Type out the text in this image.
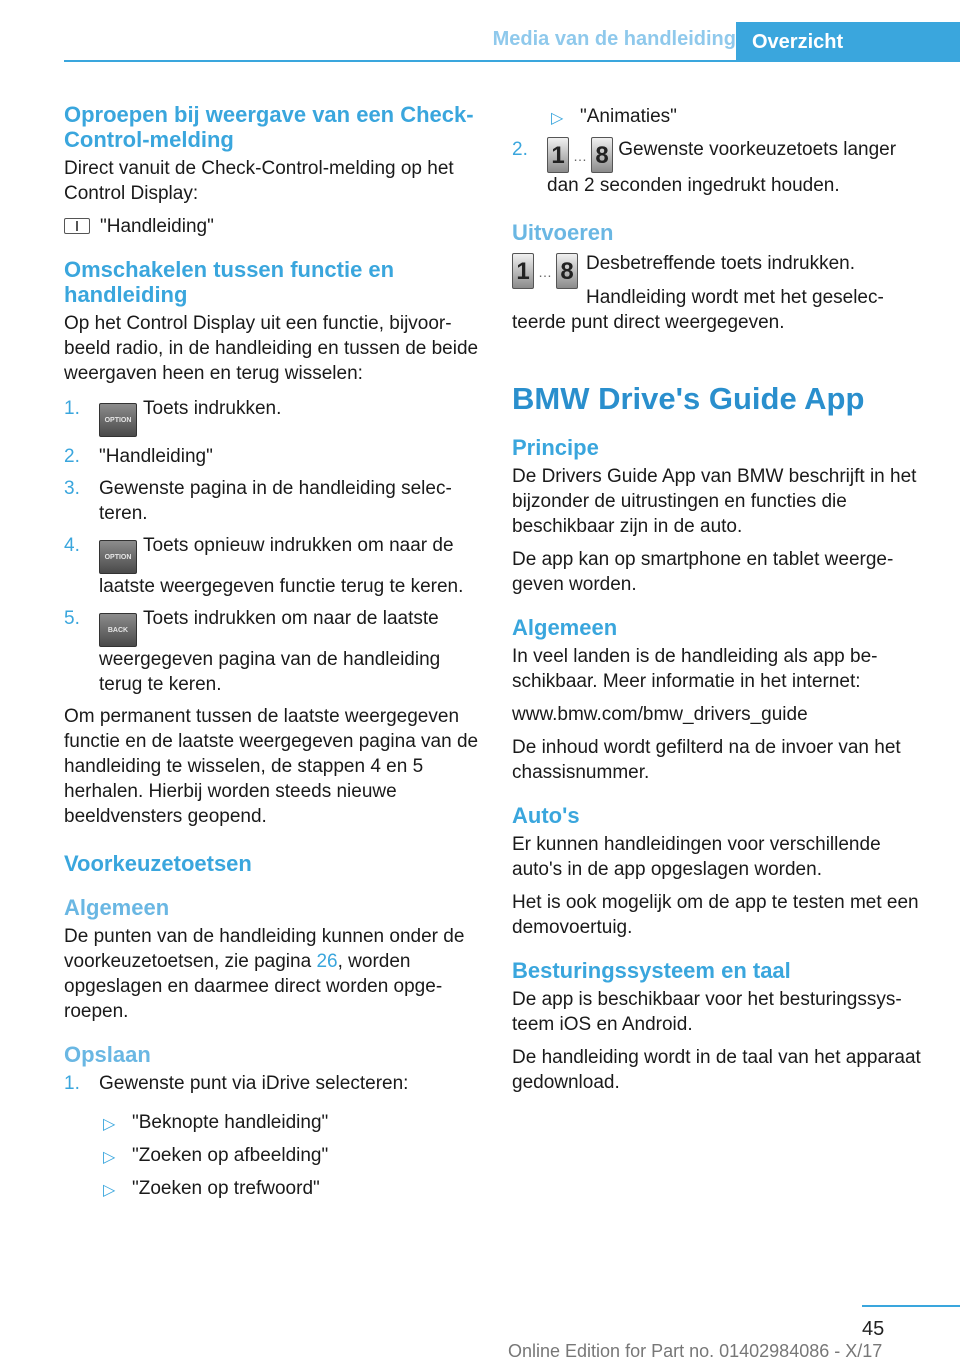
Media van de handleiding Overzicht
Oproepen bij weergave van een Check-Control-melding

Direct vanuit de Check-Control-melding op het Control Display:

"Handleiding"

Omschakelen tussen functie en handleiding

Op het Control Display uit een functie, bijvoorbeeld radio, in de handleiding en tussen de beide weergaven heen en terug wisselen:

1.
OPTIONToets indrukken.
2. "Handleiding"
3. Gewenste pagina in de handleiding selecteren.
4.
OPTIONToets opnieuw indrukken om naar de laatste weergegeven functie terug te keren.
5.
BACKToets indrukken om naar de laatste weergegeven pagina van de handleiding terug te keren.

Om permanent tussen de laatste weergegeven functie en de laatste weergegeven pagina van de handleiding te wisselen, de stappen 4 en 5 herhalen. Hierbij worden steeds nieuwe beeldvensters geopend.

Voorkeuzetoetsen
Algemeen

De punten van de handleiding kunnen onder de voorkeuzetoetsen, zie pagina 26, worden opgeslagen en daarmee direct worden opgeroepen.

Opslaan
1. Gewenste punt via iDrive selecteren:
▷ "Beknopte handleiding"
▷ "Zoeken op afbeelding"
▷ "Zoeken op trefwoord"
▷ "Animaties"
2. 1 … 8 Gewenste voorkeuzetoets langer dan 2 seconden ingedrukt houden.
Uitvoeren
1 … 8 Desbetreffende toets indrukken.

Handleiding wordt met het geselecteerde punt direct weergegeven.

BMW Drive's Guide App
Principe

De Drivers Guide App van BMW beschrijft in het bijzonder de uitrustingen en functies die beschikbaar zijn in de auto.

De app kan op smartphone en tablet weergegeven worden.

Algemeen

In veel landen is de handleiding als app beschikbaar. Meer informatie in het internet:

www.bmw.com/bmw_drivers_guide

De inhoud wordt gefilterd na de invoer van het chassisnummer.

Auto's

Er kunnen handleidingen voor verschillende auto's in de app opgeslagen worden.

Het is ook mogelijk om de app te testen met een demovoertuig.

Besturingssysteem en taal

De app is beschikbaar voor het besturingssysteem iOS en Android.

De handleiding wordt in de taal van het apparaat gedownload.

45
Online Edition for Part no. 01402984086 - X/17
